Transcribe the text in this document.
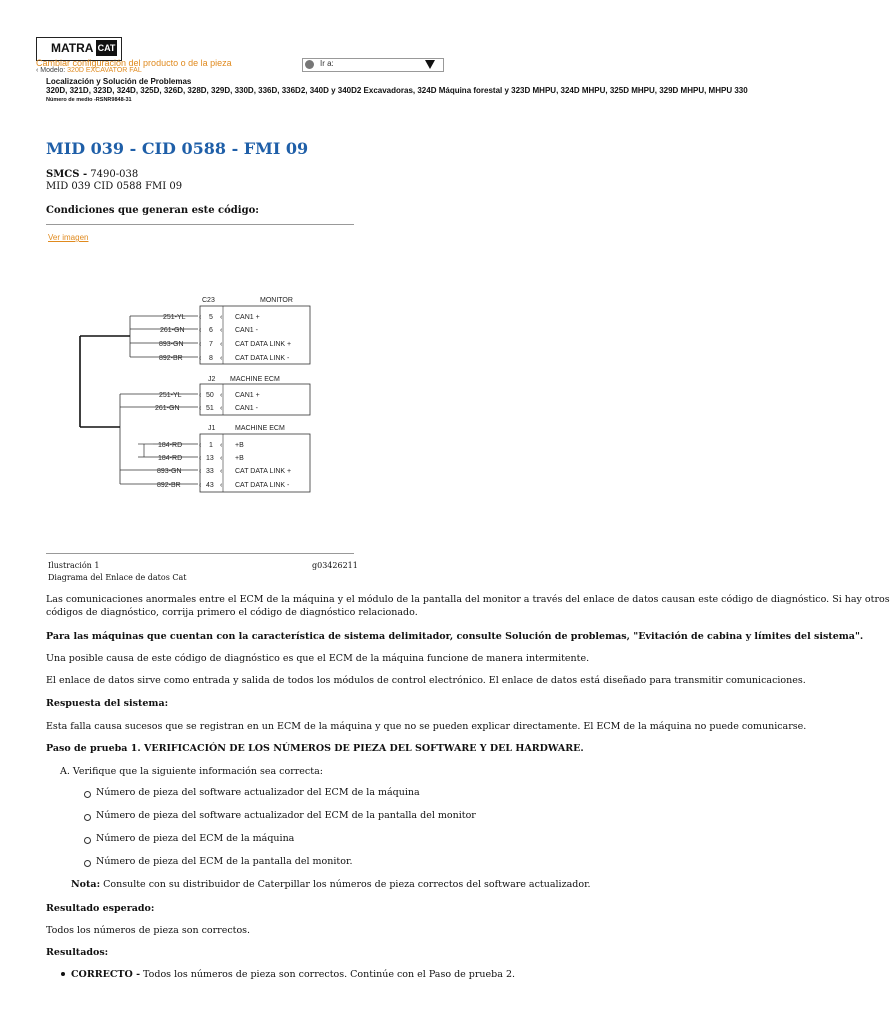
MATRA CAT
Cambiar configuración del producto o de la pieza
‹ Modelo: 320D EXCAVATOR FAL
Ir a:
Localización y Solución de Problemas
320D, 321D, 323D, 324D, 325D, 326D, 328D, 329D, 330D, 336D, 336D2, 340D y 340D2 Excavadoras, 324D Máquina forestal y 323D MHPU, 324D MHPU, 325D MHPU, 329D MHPU, MHPU 330
Número de medio -RSNR9848-31
MID 039 - CID 0588 - FMI 09
SMCS - 7490-038
MID 039 CID 0588 FMI 09
Condiciones que generan este código:
Ver imagen
C23	MONITOR
J2 MACHINE ECM
J1	MACHINE ECM
251-YL ‹ 5 ‹ CAN1 +
261-GN ‹ 6 ‹ CAN1 -
893-GN ‹ 7 ‹ CAT DATA LINK +
892-BR ‹ 8 ‹ CAT DATA LINK -
251-YL ‹ 50 ‹ CAN1 +
261-GN	‹ 51 ‹ CAN1 -
184-RD ‹ 1 ‹ +B
184-RD ‹ 13 ‹ +B
893-GN ‹ 33 ‹ CAT DATA LINK +
892-BR	‹ 43 ‹ CAT DATA LINK -
Ilustración 1	g03426211
Diagrama del Enlace de datos Cat
Las comunicaciones anormales entre el ECM de la máquina y el módulo de la pantalla del monitor a través del enlace de datos causan este código de diagnóstico. Si hay otros
códigos de diagnóstico, corrija primero el código de diagnóstico relacionado.
Para las máquinas que cuentan con la característica de sistema delimitador, consulte Solución de problemas, "Evitación de cabina y límites del sistema".
Una posible causa de este código de diagnóstico es que el ECM de la máquina funcione de manera intermitente.
El enlace de datos sirve como entrada y salida de todos los módulos de control electrónico. El enlace de datos está diseñado para transmitir comunicaciones.
Respuesta del sistema:
Esta falla causa sucesos que se registran en un ECM de la máquina y que no se pueden explicar directamente. El ECM de la máquina no puede comunicarse.
Paso de prueba 1. VERIFICACIÓN DE LOS NÚMEROS DE PIEZA DEL SOFTWARE Y DEL HARDWARE.
A. Verifique que la siguiente información sea correcta:
Número de pieza del software actualizador del ECM de la máquina
Número de pieza del software actualizador del ECM de la pantalla del monitor
Número de pieza del ECM de la máquina
Número de pieza del ECM de la pantalla del monitor.
Nota: Consulte con su distribuidor de Caterpillar los números de pieza correctos del software actualizador.
Resultado esperado:
Todos los números de pieza son correctos.
Resultados:
CORRECTO - Todos los números de pieza son correctos. Continúe con el Paso de prueba 2.
